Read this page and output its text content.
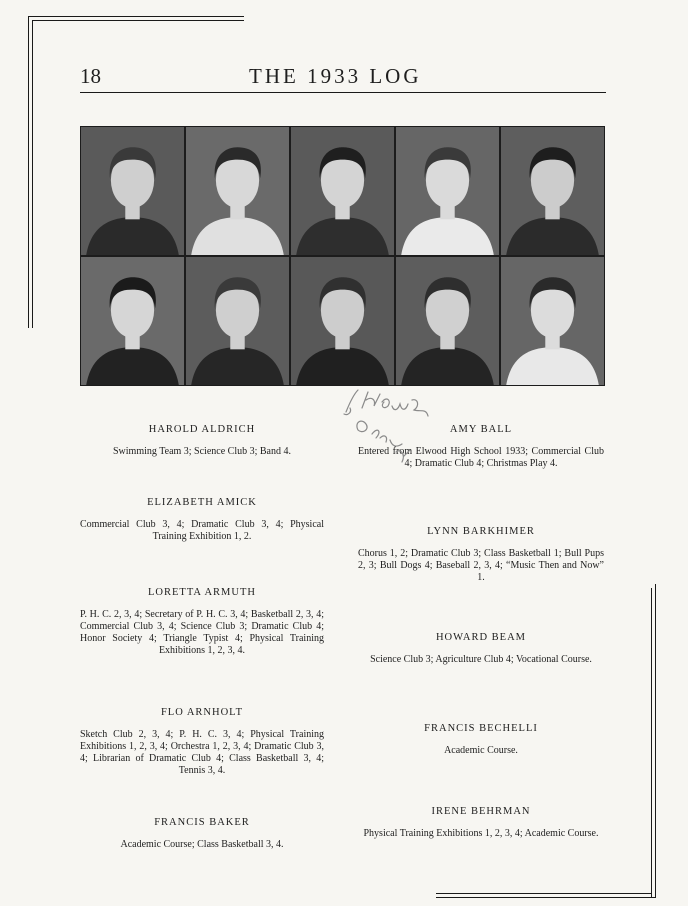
18	THE 1933 LOG
HAROLD ALDRICH
Swimming Team 3; Science Club 3; Band 4.
ELIZABETH AMICK
Commercial Club 3, 4; Dramatic Club 3, 4; Physical Training Exhibition 1, 2.
LORETTA ARMUTH
P. H. C. 2, 3, 4; Secretary of P. H. C. 3, 4; Basketball 2, 3, 4; Commercial Club 3, 4; Science Club 3; Dramatic Club 4; Honor Society 4; Triangle Typist 4; Physical Training Exhibitions 1, 2, 3, 4.
FLO ARNHOLT
Sketch Club 2, 3, 4; P. H. C. 3, 4; Physical Training Exhibitions 1, 2, 3, 4; Orchestra 1, 2, 3, 4; Dramatic Club 3, 4; Librarian of Dramatic Club 4; Class Basketball 3, 4; Tennis 3, 4.
FRANCIS BAKER
Academic Course; Class Basketball 3, 4.
AMY BALL
Entered from Elwood High School 1933; Commercial Club 4; Dramatic Club 4; Christmas Play 4.
LYNN BARKHIMER
Chorus 1, 2; Dramatic Club 3; Class Basketball 1; Bull Pups 2, 3; Bull Dogs 4; Baseball 2, 3, 4; “Music Then and Now” 1.
HOWARD BEAM
Science Club 3; Agriculture Club 4; Vocational Course.
FRANCIS BECHELLI
Academic Course.
IRENE BEHRMAN
Physical Training Exhibitions 1, 2, 3, 4; Academic Course.
